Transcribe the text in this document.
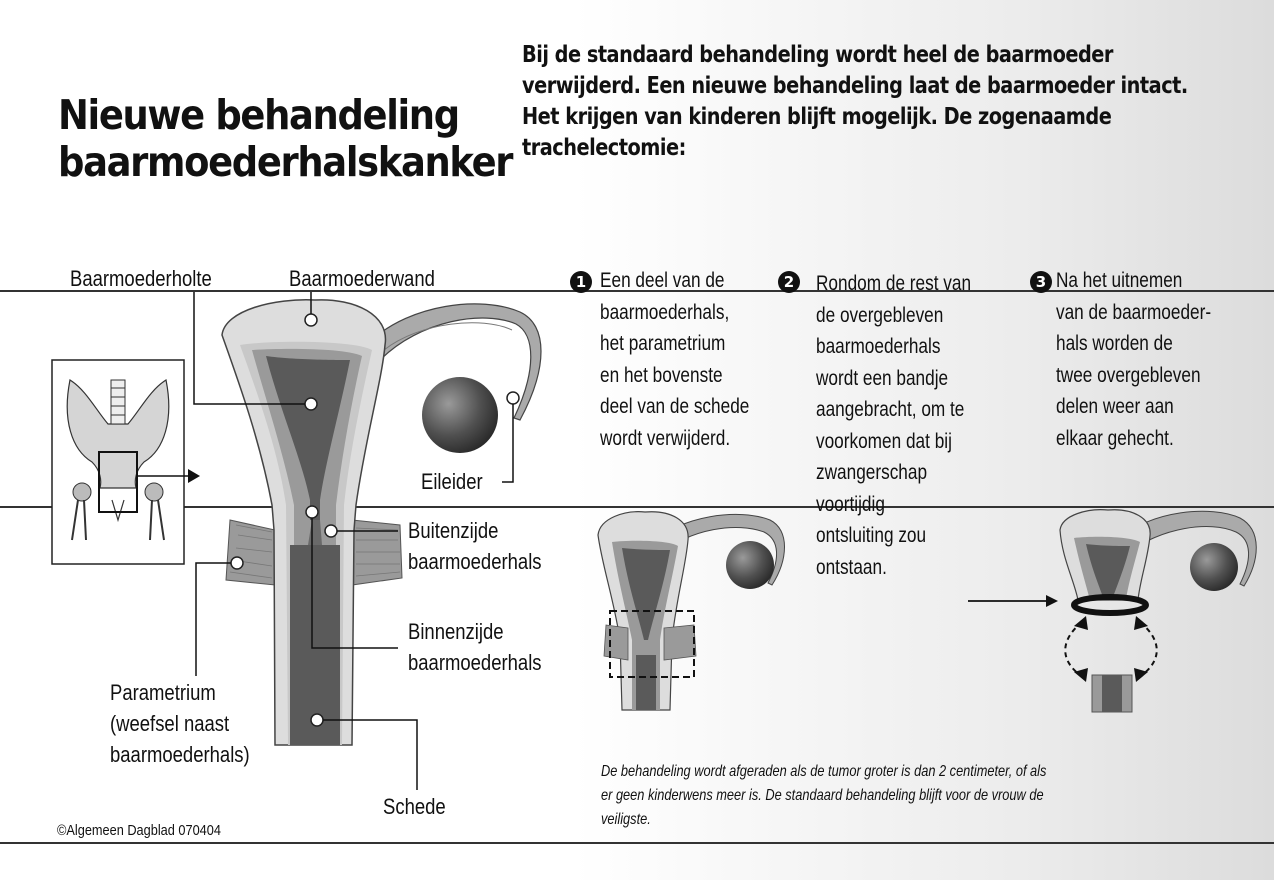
Nieuwe behandeling
baarmoederhalskanker

Bij de standaard behandeling wordt heel de baarmoeder
verwijderd. Een nieuwe behandeling laat de baarmoeder intact.
Het krijgen van kinderen blijft mogelijk. De zogenaamde
trachelectomie:

Baarmoederholte	Baarmoederwand

Eileider

Buitenzijde
baarmoederhals

Binnenzijde
baarmoederhals

Parametrium
(weefsel naast
baarmoederhals)

Schede

1 Een deel van de
baarmoederhals,
het parametrium
en het bovenste
deel van de schede
wordt verwijderd.

2 Rondom de rest van
de overgebleven
baarmoederhals
wordt een bandje
aangebracht, om te
voorkomen dat bij
zwangerschap
voortijdig
ontsluiting zou
ontstaan.

3 Na het uitnemen
van de baarmoeder-
hals worden de
twee overgebleven
delen weer aan
elkaar gehecht.

De behandeling wordt afgeraden als de tumor groter is dan 2 centimeter, of als
er geen kinderwens meer is. De standaard behandeling blijft voor de vrouw de
veiligste.

©Algemeen Dagblad 070404
